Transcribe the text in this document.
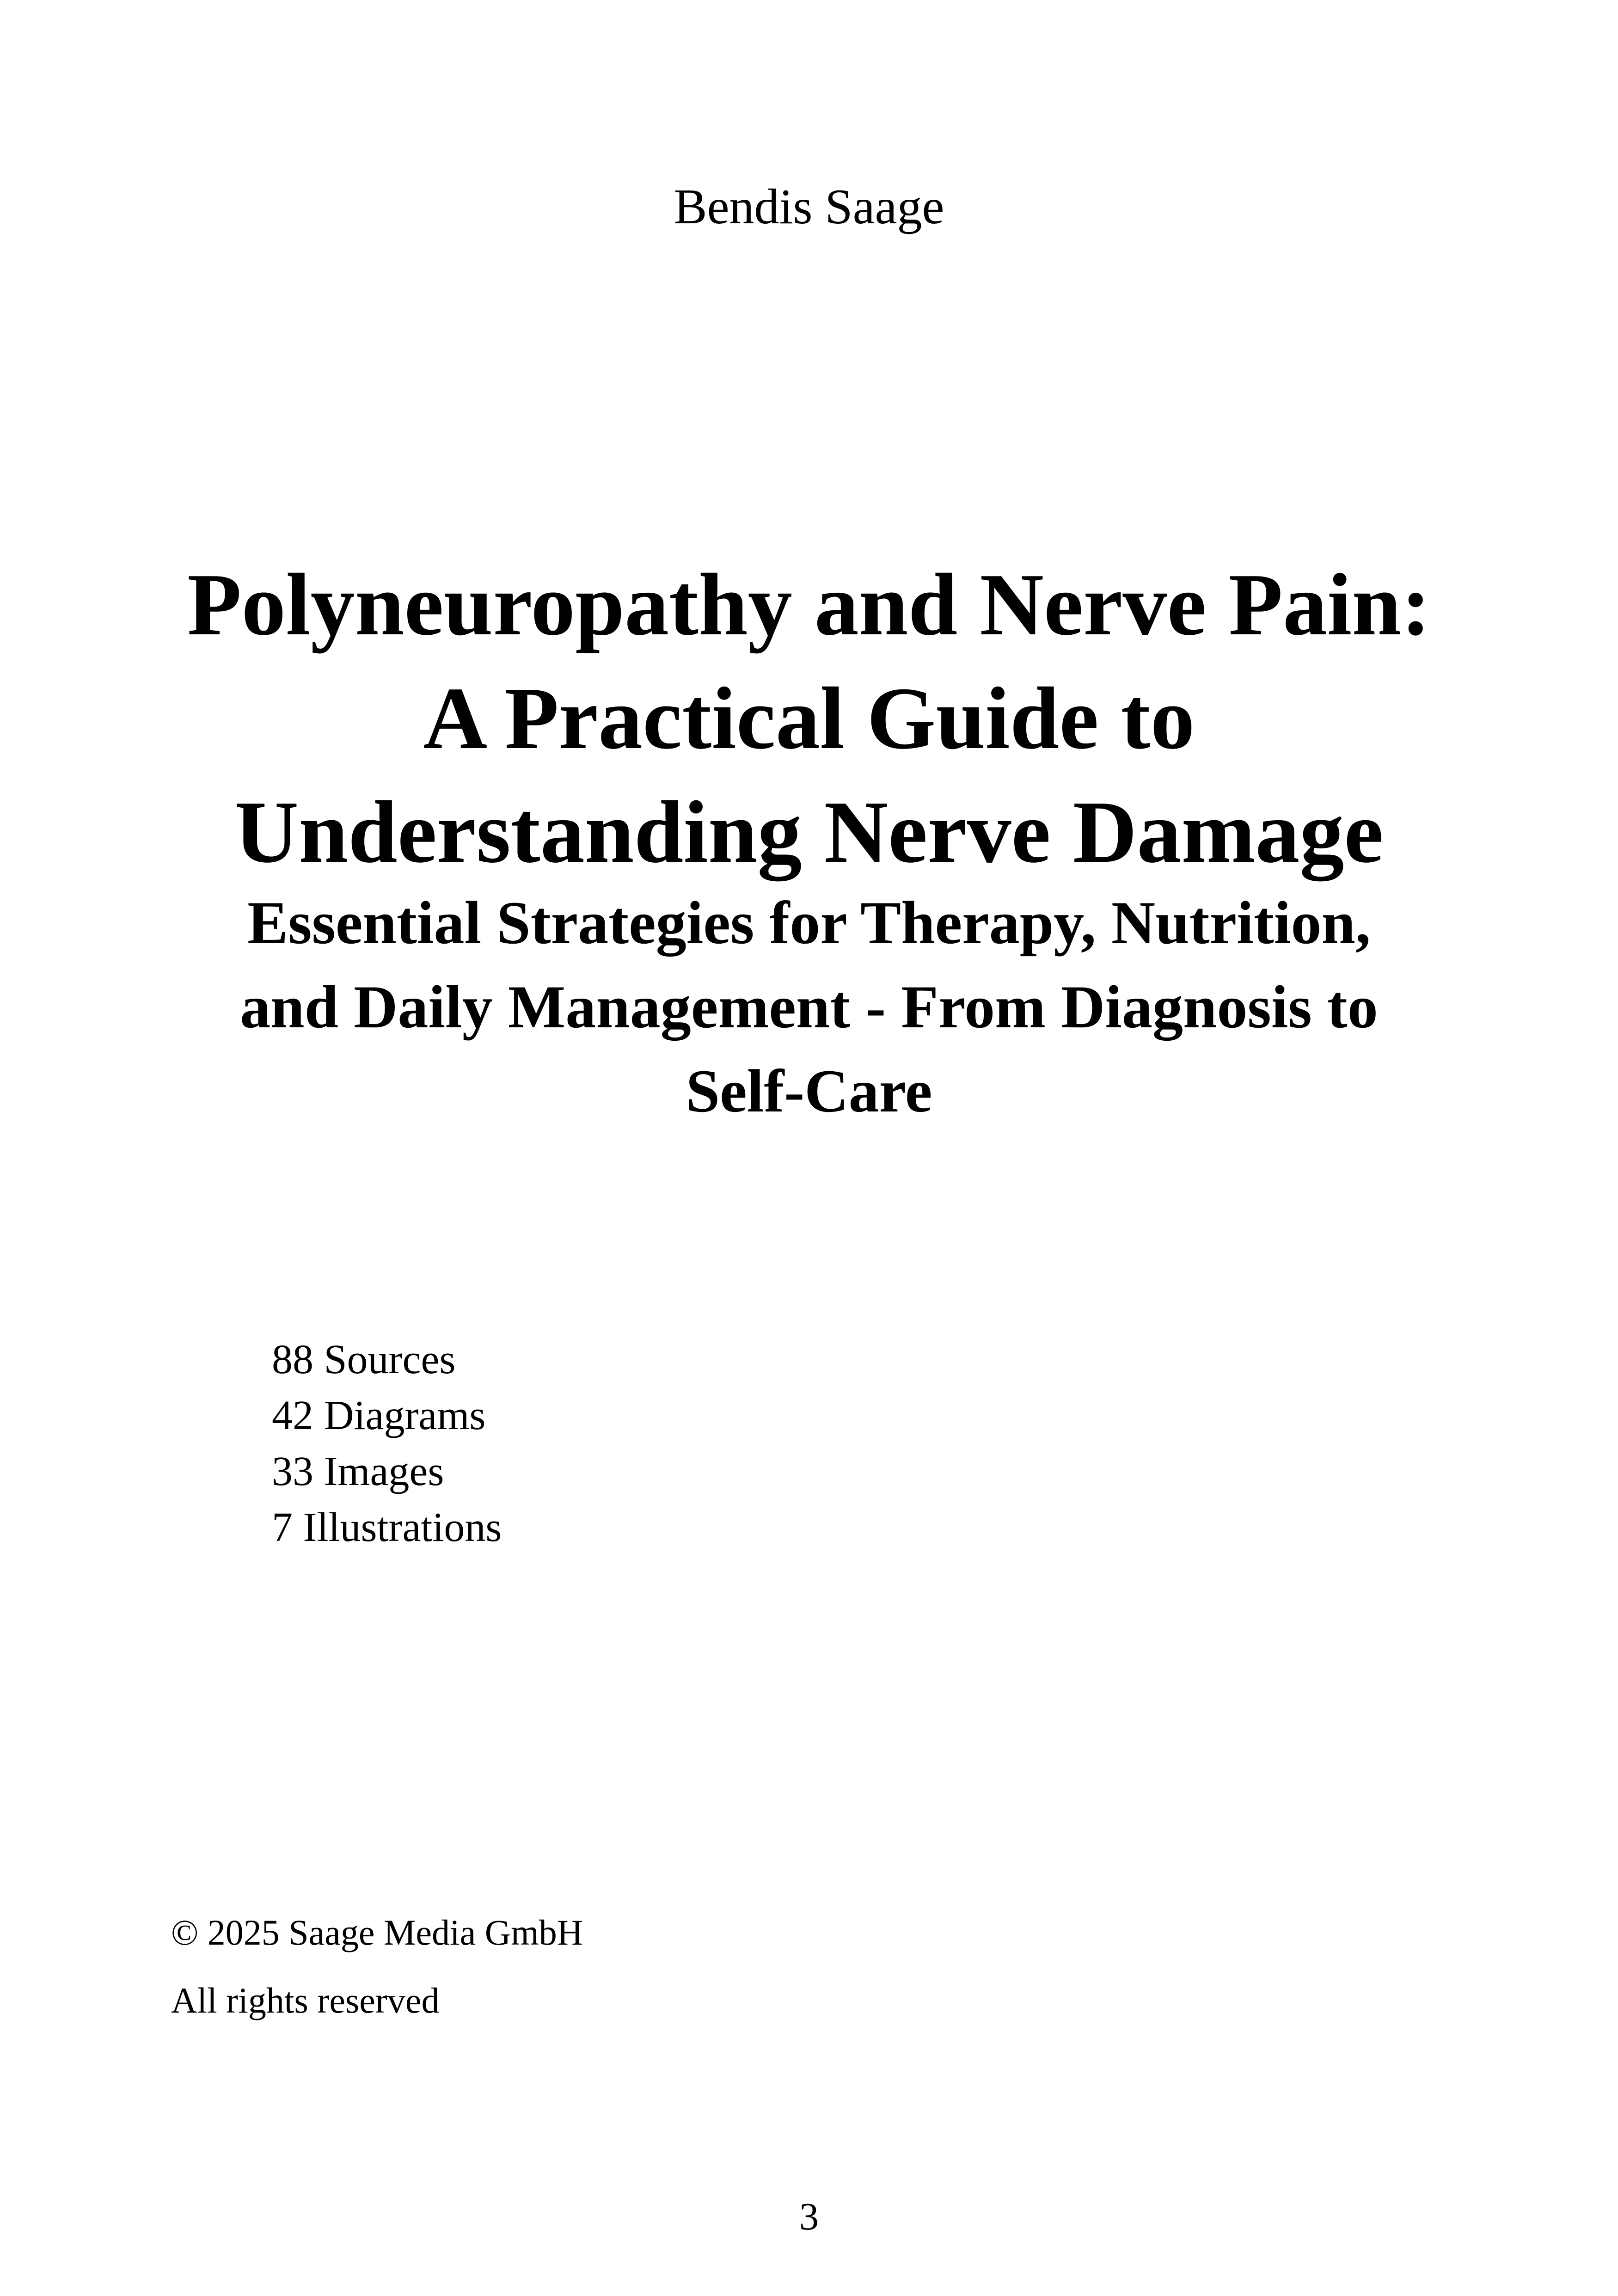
Bendis Saage
Polyneuropathy and Nerve Pain:
A Practical Guide to
Understanding Nerve Damage
Essential Strategies for Therapy, Nutrition,
and Daily Management - From Diagnosis to
Self-Care
88 Sources
42 Diagrams
33 Images
7 Illustrations
© 2025 Saage Media GmbH
All rights reserved
3
